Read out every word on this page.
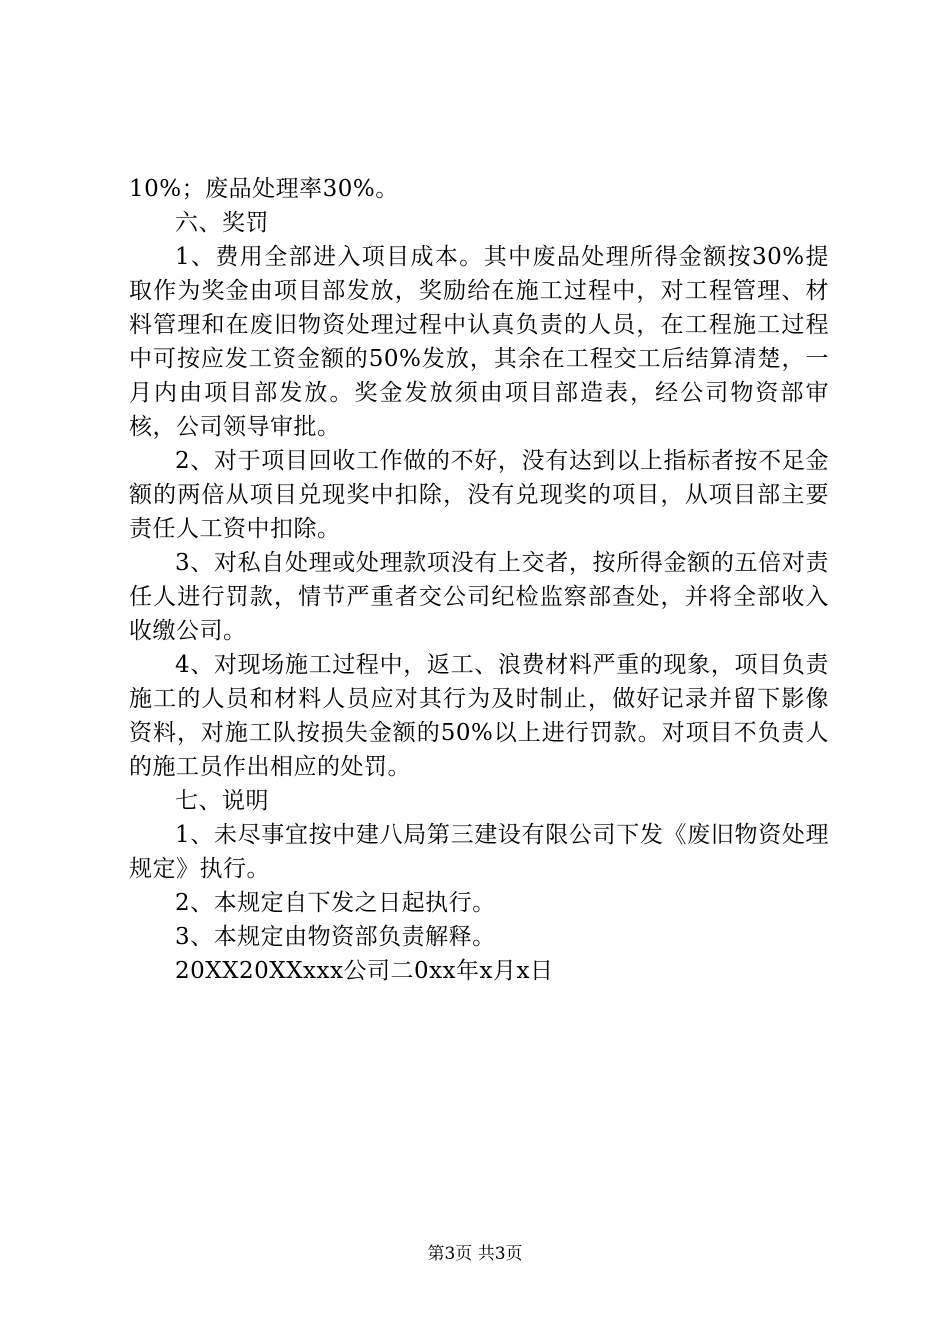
10%；废品处理率30%。

六、奖罚

1、费用全部进入项目成本。其中废品处理所得金额按30%提取作为奖金由项目部发放，奖励给在施工过程中，对工程管理、材料管理和在废旧物资处理过程中认真负责的人员，在工程施工过程中可按应发工资金额的50%发放，其余在工程交工后结算清楚，一月内由项目部发放。奖金发放须由项目部造表，经公司物资部审核，公司领导审批。

2、对于项目回收工作做的不好，没有达到以上指标者按不足金额的两倍从项目兑现奖中扣除，没有兑现奖的项目，从项目部主要责任人工资中扣除。

3、对私自处理或处理款项没有上交者，按所得金额的五倍对责任人进行罚款，情节严重者交公司纪检监察部查处，并将全部收入收缴公司。

4、对现场施工过程中，返工、浪费材料严重的现象，项目负责施工的人员和材料人员应对其行为及时制止，做好记录并留下影像资料，对施工队按损失金额的50%以上进行罚款。对项目不负责人的施工员作出相应的处罚。

七、说明

1、未尽事宜按中建八局第三建设有限公司下发《废旧物资处理规定》执行。

2、本规定自下发之日起执行。

3、本规定由物资部负责解释。

20XX20XXxxx公司二0xx年x月x日

第3页 共3页
